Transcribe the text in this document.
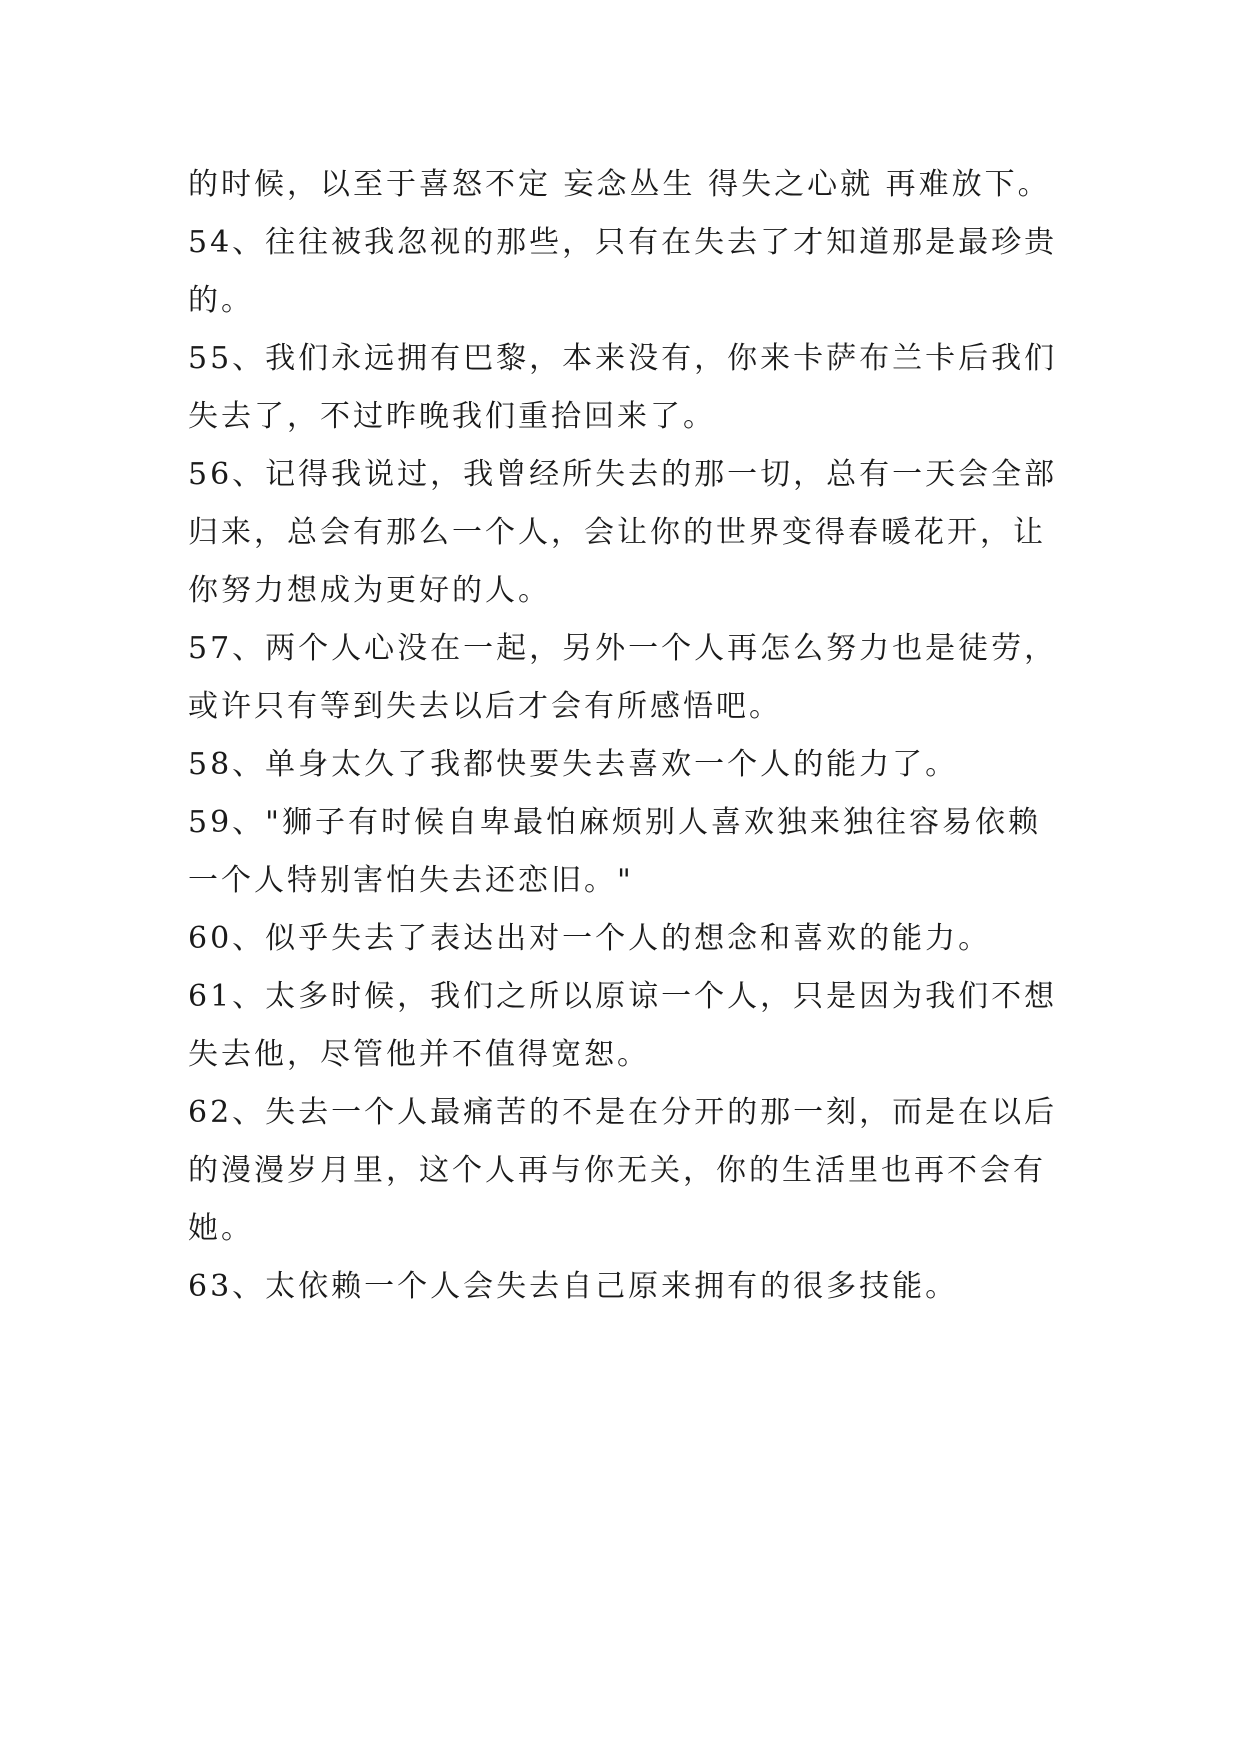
的时候，以至于喜怒不定 妄念丛生 得失之心就 再难放下。
54、往往被我忽视的那些，只有在失去了才知道那是最珍贵
的。
55、我们永远拥有巴黎，本来没有，你来卡萨布兰卡后我们
失去了，不过昨晚我们重拾回来了。
56、记得我说过，我曾经所失去的那一切，总有一天会全部
归来，总会有那么一个人，会让你的世界变得春暖花开，让
你努力想成为更好的人。
57、两个人心没在一起，另外一个人再怎么努力也是徒劳，
或许只有等到失去以后才会有所感悟吧。
58、单身太久了我都快要失去喜欢一个人的能力了。
59、"狮子有时候自卑最怕麻烦别人喜欢独来独往容易依赖
一个人特别害怕失去还恋旧。"
60、似乎失去了表达出对一个人的想念和喜欢的能力。
61、太多时候，我们之所以原谅一个人，只是因为我们不想
失去他，尽管他并不值得宽恕。
62、失去一个人最痛苦的不是在分开的那一刻，而是在以后
的漫漫岁月里，这个人再与你无关，你的生活里也再不会有
她。
63、太依赖一个人会失去自己原来拥有的很多技能。
